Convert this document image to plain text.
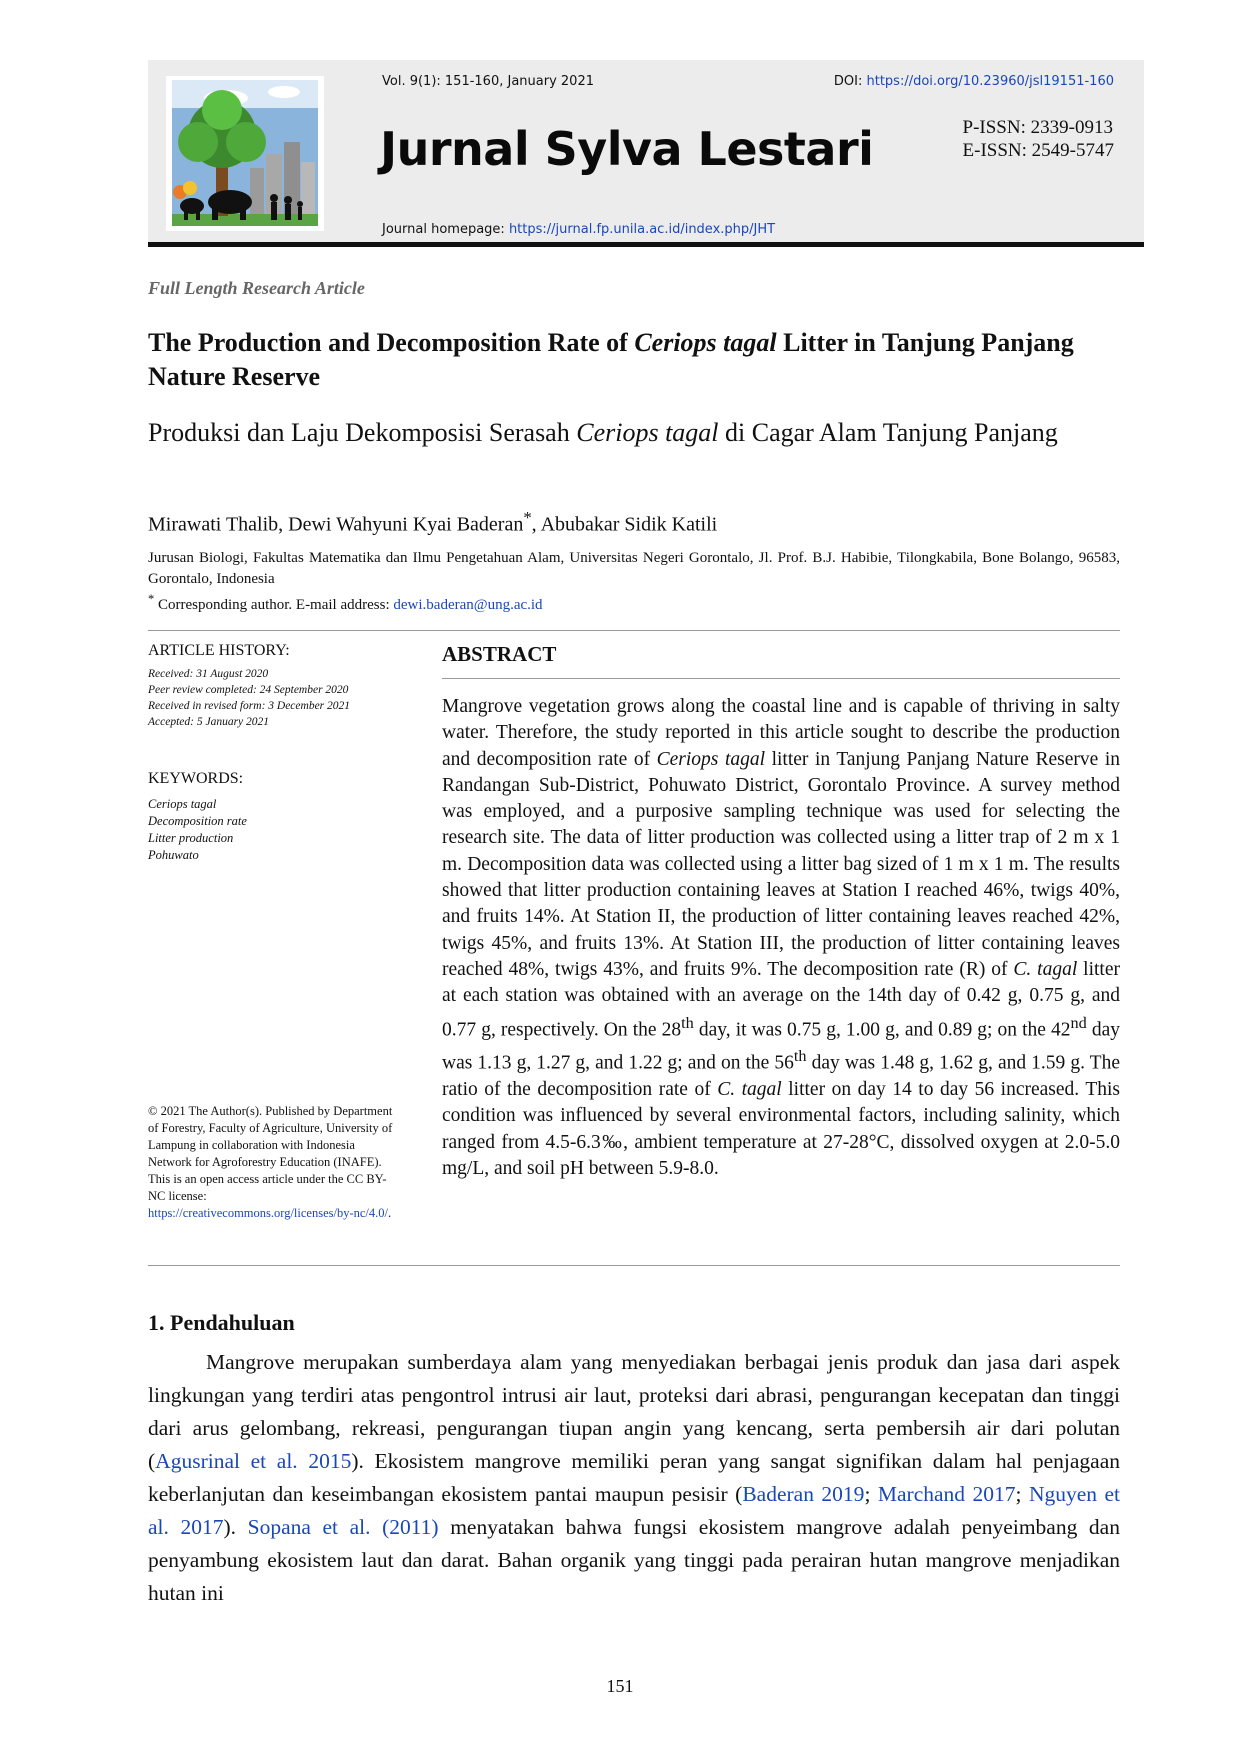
Vol. 9(1): 151-160, January 2021	DOI: https://doi.org/10.23960/jsl19151-160
Jurnal Sylva Lestari	P-ISSN: 2339-0913
E-ISSN: 2549-5747
Journal homepage: https://jurnal.fp.unila.ac.id/index.php/JHT
Full Length Research Article
The Production and Decomposition Rate of Ceriops tagal Litter in Tanjung Panjang Nature Reserve
Produksi dan Laju Dekomposisi Serasah Ceriops tagal di Cagar Alam Tanjung Panjang
Mirawati Thalib, Dewi Wahyuni Kyai Baderan*, Abubakar Sidik Katili
Jurusan Biologi, Fakultas Matematika dan Ilmu Pengetahuan Alam, Universitas Negeri Gorontalo, Jl. Prof. B.J. Habibie, Tilongkabila, Bone Bolango, 96583, Gorontalo, Indonesia
* Corresponding author. E-mail address: dewi.baderan@ung.ac.id

ARTICLE HISTORY:

Received: 31 August 2020
Peer review completed: 24 September 2020
Received in revised form: 3 December 2021
Accepted: 5 January 2021
KEYWORDS:
Ceriops tagal
Decomposition rate
Litter production
Pohuwato
© 2021 The Author(s). Published by Department of Forestry, Faculty of Agriculture, University of Lampung in collaboration with Indonesia Network for Agroforestry Education (INAFE). This is an open access article under the CC BY-NC license: https://creativecommons.org/licenses/by-nc/4.0/.
ABSTRACT
Mangrove vegetation grows along the coastal line and is capable of thriving in salty water. Therefore, the study reported in this article sought to describe the production and decomposition rate of Ceriops tagal litter in Tanjung Panjang Nature Reserve in Randangan Sub-District, Pohuwato District, Gorontalo Province. A survey method was employed, and a purposive sampling technique was used for selecting the research site. The data of litter production was collected using a litter trap of 2 m x 1 m. Decomposition data was collected using a litter bag sized of 1 m x 1 m. The results showed that litter production containing leaves at Station I reached 46%, twigs 40%, and fruits 14%. At Station II, the production of litter containing leaves reached 42%, twigs 45%, and fruits 13%. At Station III, the production of litter containing leaves reached 48%, twigs 43%, and fruits 9%. The decomposition rate (R) of C. tagal litter at each station was obtained with an average on the 14th day of 0.42 g, 0.75 g, and 0.77 g, respectively. On the 28th day, it was 0.75 g, 1.00 g, and 0.89 g; on the 42nd day was 1.13 g, 1.27 g, and 1.22 g; and on the 56th day was 1.48 g, 1.62 g, and 1.59 g. The ratio of the decomposition rate of C. tagal litter on day 14 to day 56 increased. This condition was influenced by several environmental factors, including salinity, which ranged from 4.5-6.3‰, ambient temperature at 27-28°C, dissolved oxygen at 2.0-5.0 mg/L, and soil pH between 5.9-8.0.
1. Pendahuluan
Mangrove merupakan sumberdaya alam yang menyediakan berbagai jenis produk dan jasa dari aspek lingkungan yang terdiri atas pengontrol intrusi air laut, proteksi dari abrasi, pengurangan kecepatan dan tinggi dari arus gelombang, rekreasi, pengurangan tiupan angin yang kencang, serta pembersih air dari polutan (Agusrinal et al. 2015). Ekosistem mangrove memiliki peran yang sangat signifikan dalam hal penjagaan keberlanjutan dan keseimbangan ekosistem pantai maupun pesisir (Baderan 2019; Marchand 2017; Nguyen et al. 2017). Sopana et al. (2011) menyatakan bahwa fungsi ekosistem mangrove adalah penyeimbang dan penyambung ekosistem laut dan darat. Bahan organik yang tinggi pada perairan hutan mangrove menjadikan hutan ini
151
